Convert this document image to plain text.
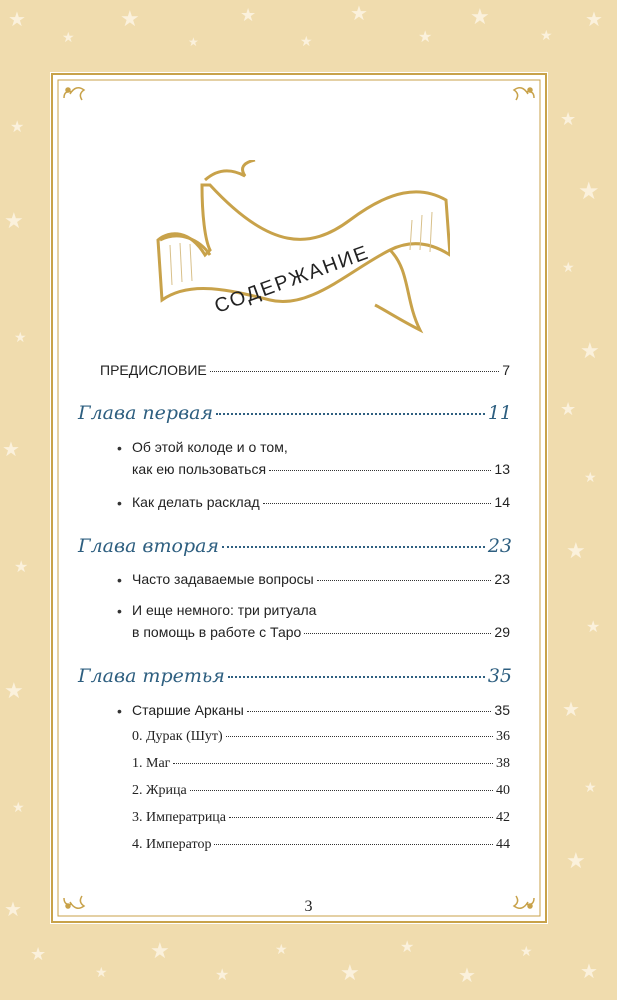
★
★
★
★
★
★
★
★
★
★
★
★
★
★
★
★
★
★
★
★
★
★
★
★
★
★
★
★
★
★
★
★
★
★
★
★
★
★
★
★
СОДЕРЖАНИЕ
ПРЕДИСЛОВИЕ	7
Глава первая	11
• Об этой колоде и о том,
как ею пользоваться	13
• Как делать расклад	14
Глава вторая	23
• Часто задаваемые вопросы	23
• И еще немного: три ритуала
в помощь в работе с Таро	29
Глава третья	35
• Старшие Арканы	35
0. Дурак (Шут)	36
1. Маг	38
2. Жрица	40
3. Императрица	42
4. Император	44
3
